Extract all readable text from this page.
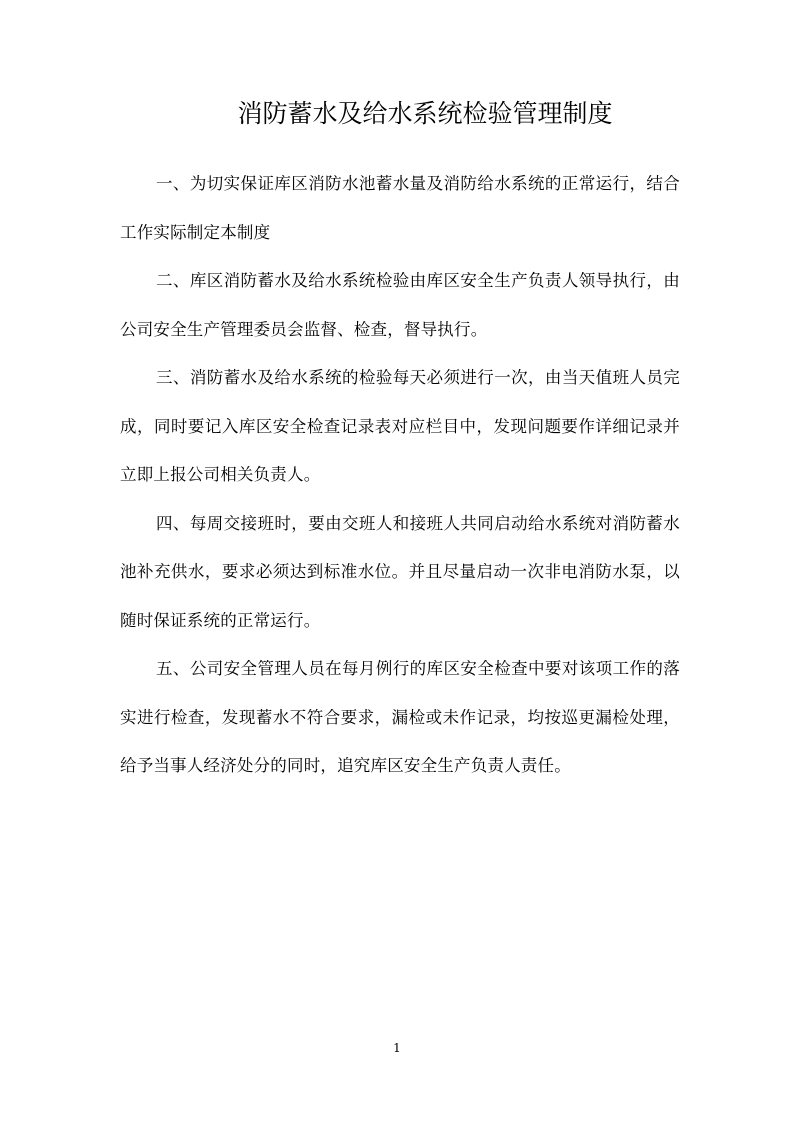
消防蓄水及给水系统检验管理制度

一、为切实保证库区消防水池蓄水量及消防给水系统的正常运行，结合工作实际制定本制度

二、库区消防蓄水及给水系统检验由库区安全生产负责人领导执行，由公司安全生产管理委员会监督、检查，督导执行。

三、消防蓄水及给水系统的检验每天必须进行一次，由当天值班人员完成，同时要记入库区安全检查记录表对应栏目中，发现问题要作详细记录并立即上报公司相关负责人。

四、每周交接班时，要由交班人和接班人共同启动给水系统对消防蓄水池补充供水，要求必须达到标准水位。并且尽量启动一次非电消防水泵，以随时保证系统的正常运行。

五、公司安全管理人员在每月例行的库区安全检查中要对该项工作的落实进行检查，发现蓄水不符合要求，漏检或未作记录，均按巡更漏检处理，给予当事人经济处分的同时，追究库区安全生产负责人责任。

1
